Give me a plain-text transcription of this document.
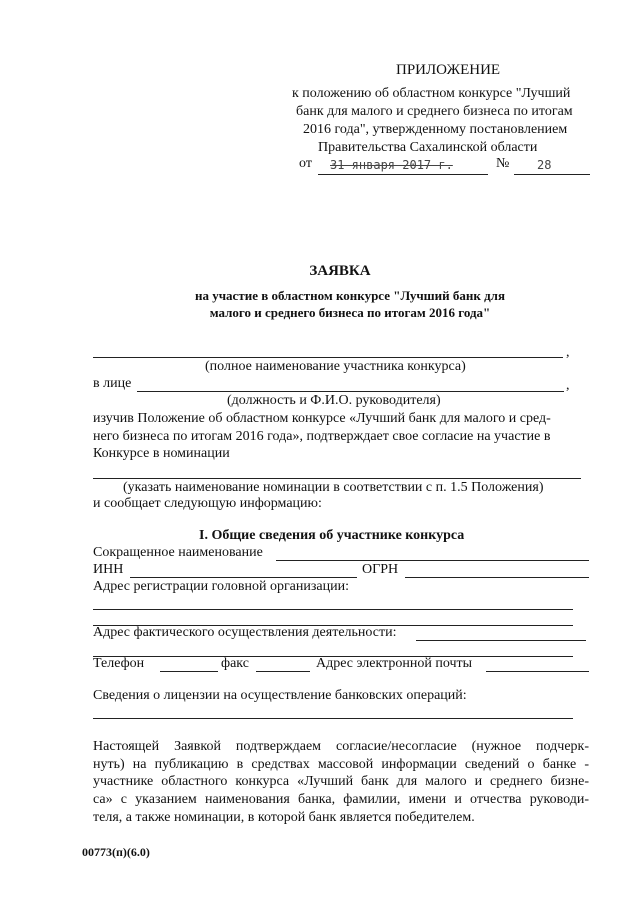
ПРИЛОЖЕНИЕ
к положению об областном конкурсе "Лучший
банк для малого и среднего бизнеса по итогам
2016 года", утвержденному постановлением
Правительства Сахалинской области
от 31 января 2017 г.	№ 28
ЗАЯВКА
на участие в областном конкурсе "Лучший банк для
малого и среднего бизнеса по итогам 2016 года"
,
(полное наименование участника конкурса)
в лице	,
(должность и Ф.И.О. руководителя)
изучив Положение об областном конкурсе «Лучший банк для малого и сред-
него бизнеса по итогам 2016 года», подтверждает свое согласие на участие в
Конкурсе в номинации
(указать наименование номинации в соответствии с п. 1.5 Положения)
и сообщает следующую информацию:
I. Общие сведения об участнике конкурса
Сокращенное наименование
ИНН	ОГРН
Адрес регистрации головной организации:
Адрес фактического осуществления деятельности:
Телефон	факс	Адрес электронной почты
Сведения о лицензии на осуществление банковских операций:
Настоящей Заявкой подтверждаем согласие/несогласие (нужное подчерк-
нуть) на публикацию в средствах массовой информации сведений о банке -
участнике областного конкурса «Лучший банк для малого и среднего бизне-
са» с указанием наименования банка, фамилии, имени и отчества руководи-
теля, а также номинации, в которой банк является победителем.
00773(п)(6.0)
